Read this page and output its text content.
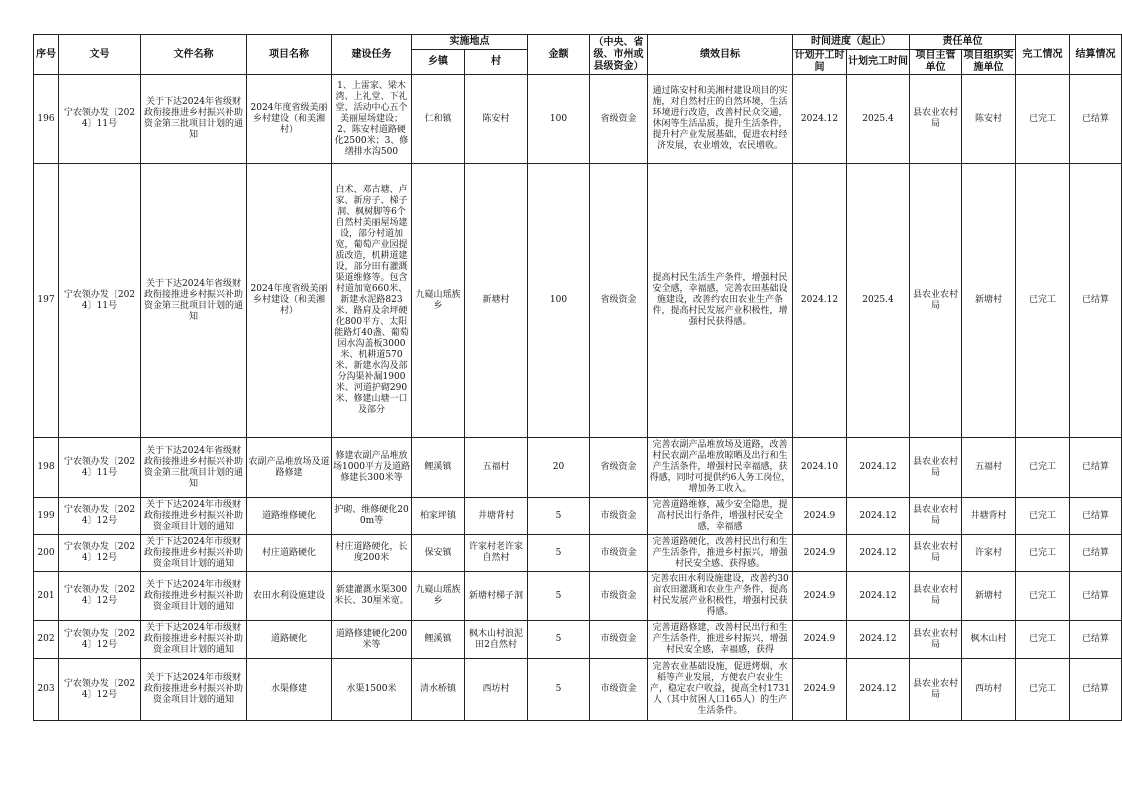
序号	文号	文件名称	项目名称	建设任务	实施地点		金额	（中央、省级、市州或县级资金）	绩效目标	时间进度（起止）		责任单位		完工情况	结算情况
					乡镇	村				计划开工时间	计划完工时间	项目主管单位	项目组织实施单位		
196	宁农领办发〔2024〕11号	关于下达2024年省级财政衔接推进乡村振兴补助资金第三批项目计划的通知	2024年度省级美丽乡村建设（和美湘村）	1、上雷家、梁木湾、上礼堂、下礼堂、活动中心五个美丽屋场建设；2、陈安村道路硬化2500米；3、修缮排水沟500	仁和镇	陈安村	100	省级资金	通过陈安村和美湘村建设项目的实施，对自然村庄的自然环境，生活环境进行改造，改善村民众交通，休闲等生活品质，提升生活条件，提升村产业发展基础，促进农村经济发展，农业增效，农民增收。	2024.12	2025.4	县农业农村局	陈安村	已完工	已结算
197	宁农领办发〔2024〕11号	关于下达2024年省级财政衔接推进乡村振兴补助资金第三批项目计划的通知	2024年度省级美丽乡村建设（和美湘村）	白术、邓古塘、卢家、新房子、梯子洞、枫树脚等6个自然村美丽屋场建设，部分村道加宽，葡萄产业园提质改造，机耕道建设，部分田有灌溉渠道维修等。包含村道加宽660米、新建水泥路823米、路肩及余坪硬化800平方、太阳能路灯40盏、葡萄园水沟盖板3000米、机耕道570米、新建水沟及部分沟渠补漏1900米、河道护砌290米、修建山塘一口及部分	九嶷山瑶族乡	新塘村	100	省级资金	提高村民生活生产条件，增强村民安全感，幸福感，完善农田基础设施建设，改善约农田农业生产条件，提高村民发展产业积极性，增强村民获得感。	2024.12	2025.4	县农业农村局	新塘村	已完工	已结算
198	宁农领办发〔2024〕11号	关于下达2024年省级财政衔接推进乡村振兴补助资金第三批项目计划的通知	农副产品堆放场及道路修建	修建农副产品堆放场1000平方及道路修建长300米等	鲤溪镇	五福村	20	省级资金	完善农副产品堆放场及道路，改善村民农副产品堆放晾晒及出行和生产生活条件，增强村民幸福感，获得感，同时可提供约6人务工岗位，增加务工收入。	2024.10	2024.12	县农业农村局	五福村	已完工	已结算
199	宁农领办发〔2024〕12号	关于下达2024年市级财政衔接推进乡村振兴补助资金项目计划的通知	道路维修硬化	护砌、维修硬化200m等	柏家坪镇	井塘背村	5	市级资金	完善道路维修，减少安全隐患，提高村民出行条件，增强村民安全感，幸福感	2024.9	2024.12	县农业农村局	井塘背村	已完工	已结算
200	宁农领办发〔2024〕12号	关于下达2024年市级财政衔接推进乡村振兴补助资金项目计划的通知	村庄道路硬化	村庄道路硬化，长度200米	保安镇	许家村老许家自然村	5	市级资金	完善道路硬化，改善村民出行和生产生活条件，推进乡村振兴，增强村民安全感、获得感。	2024.9	2024.12	县农业农村局	许家村	已完工	已结算
201	宁农领办发〔2024〕12号	关于下达2024年市级财政衔接推进乡村振兴补助资金项目计划的通知	农田水利设施建设	新建灌溉水渠300米长、30厘米宽。	九嶷山瑶族乡	新塘村梯子洞	5	市级资金	完善农田水利设施建设，改善约30亩农田灌溉和农业生产条件，提高村民发展产业积极性，增强村民获得感。	2024.9	2024.12	县农业农村局	新塘村	已完工	已结算
202	宁农领办发〔2024〕12号	关于下达2024年市级财政衔接推进乡村振兴补助资金项目计划的通知	道路硬化	道路修建硬化200米等	鲤溪镇	枫木山村浪泥田2自然村	5	市级资金	完善道路修建，改善村民出行和生产生活条件，推进乡村振兴，增强村民安全感，幸福感，获得	2024.9	2024.12	县农业农村局	枫木山村	已完工	已结算
203	宁农领办发〔2024〕12号	关于下达2024年市级财政衔接推进乡村振兴补助资金项目计划的通知	水渠修建	水渠1500米	清水桥镇	西坊村	5	市级资金	完善农业基础设施，促进烤烟、水稻等产业发展，方便农户农业生产，稳定农户收益，提高全村1731人（其中贫困人口165人）的生产生活条件。	2024.9	2024.12	县农业农村局	西坊村	已完工	已结算
